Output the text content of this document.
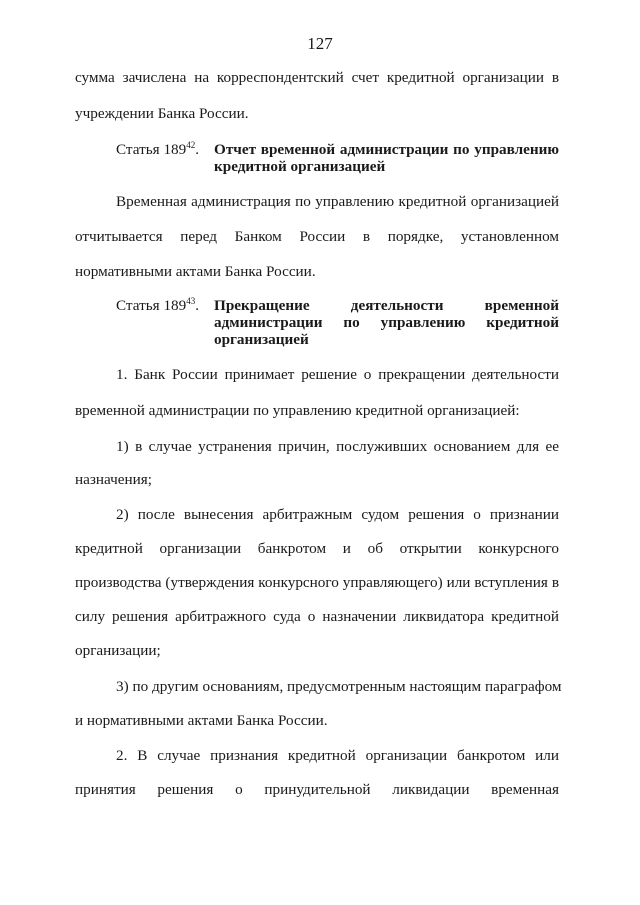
127
сумма зачислена на корреспондентский счет кредитной организации в
учреждении Банка России.
Статья $189^{42}$. Отчет временной администрации по управлению
кредитной организацией
Временная администрация по управлению кредитной организацией
отчитывается перед Банком России в порядке, установленном
нормативными актами Банка России.
Статья $189^{43}$. Прекращение деятельности временной
администрации по управлению кредитной
организацией
1. Банк России принимает решение о прекращении деятельности
временной администрации по управлению кредитной организацией:
1) в случае устранения причин, послуживших основанием для ее
назначения;
2) после вынесения арбитражным судом решения о признании
кредитной организации банкротом и об открытии конкурсного
производства (утверждения конкурсного управляющего) или вступления в
силу решения арбитражного суда о назначении ликвидатора кредитной
организации;
3) по другим основаниям, предусмотренным настоящим параграфом
и нормативными актами Банка России.
2. В случае признания кредитной организации банкротом или
принятия решения о принудительной ликвидации временная
